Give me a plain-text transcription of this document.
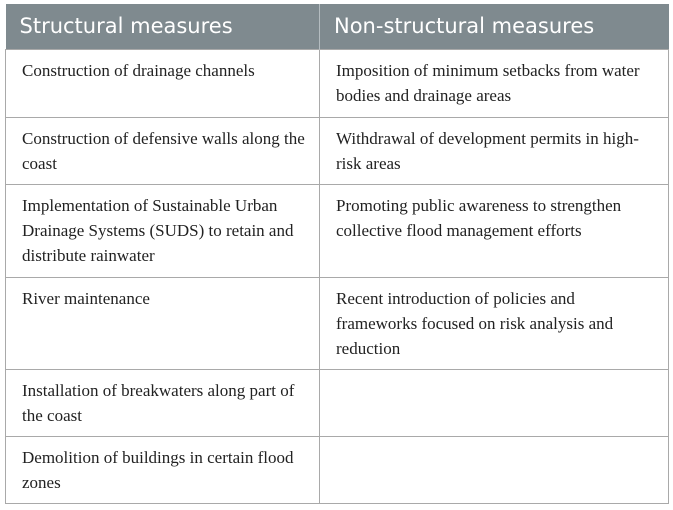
Structural measures	Non-structural measures
Construction of drainage channels	Imposition of minimum setbacks from water bodies and drainage areas
Construction of defensive walls along the coast	Withdrawal of development permits in high-risk areas
Implementation of Sustainable Urban Drainage Systems (SUDS) to retain and distribute rainwater	Promoting public awareness to strengthen collective flood management efforts
River maintenance	Recent introduction of policies and frameworks focused on risk analysis and reduction
Installation of breakwaters along part of the coast	
Demolition of buildings in certain flood zones	
